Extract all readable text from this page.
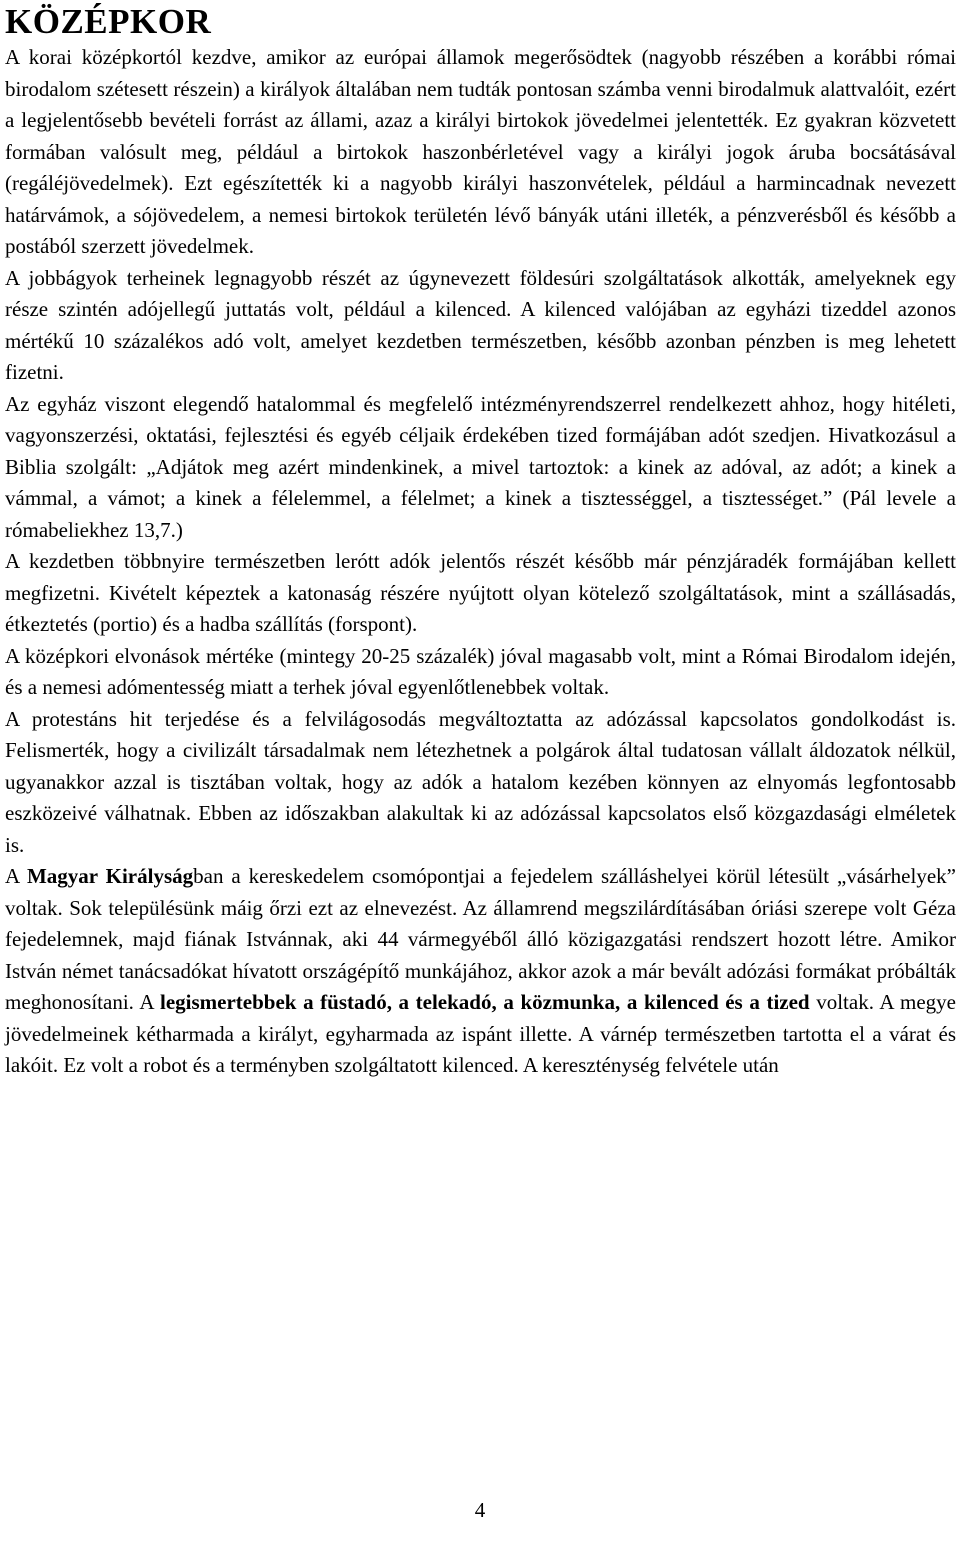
KÖZÉPKOR

A korai középkortól kezdve, amikor az európai államok megerősödtek (nagyobb részében a korábbi római birodalom szétesett részein) a királyok általában nem tudták pontosan számba venni birodalmuk alattvalóit, ezért a legjelentősebb bevételi forrást az állami, azaz a királyi birtokok jövedelmei jelentették. Ez gyakran közvetett formában valósult meg, például a birtokok haszonbérletével vagy a királyi jogok áruba bocsátásával (regáléjövedelmek). Ezt egészítették ki a nagyobb királyi haszonvételek, például a harmincadnak nevezett határvámok, a sójövedelem, a nemesi birtokok területén lévő bányák utáni illeték, a pénzverésből és később a postából szerzett jövedelmek.

A jobbágyok terheinek legnagyobb részét az úgynevezett földesúri szolgáltatások alkották, amelyeknek egy része szintén adójellegű juttatás volt, például a kilenced. A kilenced valójában az egyházi tizeddel azonos mértékű 10 százalékos adó volt, amelyet kezdetben természetben, később azonban pénzben is meg lehetett fizetni.

Az egyház viszont elegendő hatalommal és megfelelő intézményrendszerrel rendelkezett ahhoz, hogy hitéleti, vagyonszerzési, oktatási, fejlesztési és egyéb céljaik érdekében tized formájában adót szedjen. Hivatkozásul a Biblia szolgált: „Adjátok meg azért mindenkinek, a mivel tartoztok: a kinek az adóval, az adót; a kinek a vámmal, a vámot; a kinek a félelemmel, a félelmet; a kinek a tisztességgel, a tisztességet.” (Pál levele a rómabeliekhez 13,7.)

A kezdetben többnyire természetben lerótt adók jelentős részét később már pénzjáradék formájában kellett megfizetni. Kivételt képeztek a katonaság részére nyújtott olyan kötelező szolgáltatások, mint a szállásadás, étkeztetés (portio) és a hadba szállítás (forspont).

A középkori elvonások mértéke (mintegy 20-25 százalék) jóval magasabb volt, mint a Római Birodalom idején, és a nemesi adómentesség miatt a terhek jóval egyenlőtlenebbek voltak.

A protestáns hit terjedése és a felvilágosodás megváltoztatta az adózással kapcsolatos gondolkodást is. Felismerték, hogy a civilizált társadalmak nem létezhetnek a polgárok által tudatosan vállalt áldozatok nélkül, ugyanakkor azzal is tisztában voltak, hogy az adók a hatalom kezében könnyen az elnyomás legfontosabb eszközeivé válhatnak. Ebben az időszakban alakultak ki az adózással kapcsolatos első közgazdasági elméletek is.

A Magyar Királyságban a kereskedelem csomópontjai a fejedelem szálláshelyei körül létesült „vásárhelyek” voltak. Sok településünk máig őrzi ezt az elnevezést. Az államrend megszilárdításában óriási szerepe volt Géza fejedelemnek, majd fiának Istvánnak, aki 44 vármegyéből álló közigazgatási rendszert hozott létre. Amikor István német tanácsadókat hívatott országépítő munkájához, akkor azok a már bevált adózási formákat próbálták meghonosítani. A legismertebbek a füstadó, a telekadó, a közmunka, a kilenced és a tized voltak. A megye jövedelmeinek kétharmada a királyt, egyharmada az ispánt illette. A várnép természetben tartotta el a várat és lakóit. Ez volt a robot és a terményben szolgáltatott kilenced. A kereszténység felvétele után

4
